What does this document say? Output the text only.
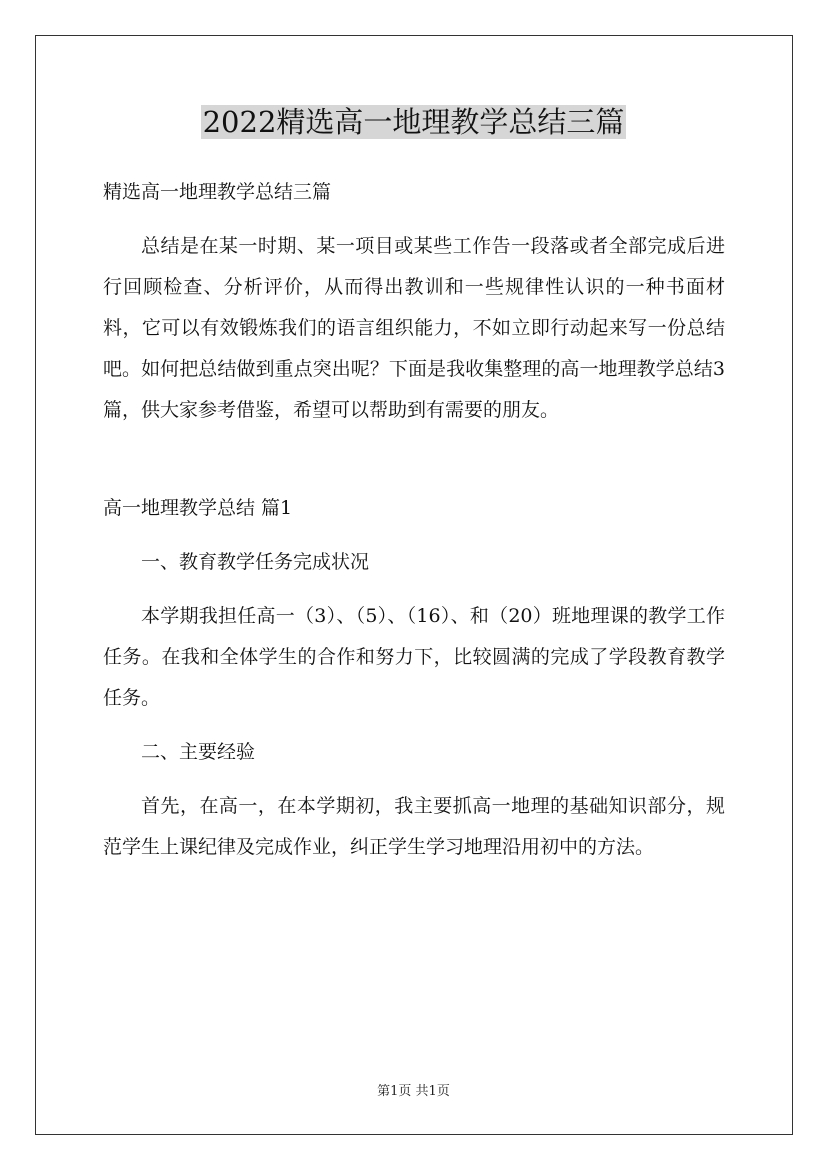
2022精选高一地理教学总结三篇

精选高一地理教学总结三篇

总结是在某一时期、某一项目或某些工作告一段落或者全部完成后进行回顾检查、分析评价，从而得出教训和一些规律性认识的一种书面材料，它可以有效锻炼我们的语言组织能力，不如立即行动起来写一份总结吧。如何把总结做到重点突出呢？下面是我收集整理的高一地理教学总结3篇，供大家参考借鉴，希望可以帮助到有需要的朋友。

高一地理教学总结 篇1

一、教育教学任务完成状况

本学期我担任高一（3）、（5）、（16）、和（20）班地理课的教学工作任务。在我和全体学生的合作和努力下，比较圆满的完成了学段教育教学任务。

二、主要经验

首先，在高一，在本学期初，我主要抓高一地理的基础知识部分，规范学生上课纪律及完成作业，纠正学生学习地理沿用初中的方法。

第1页 共1页
